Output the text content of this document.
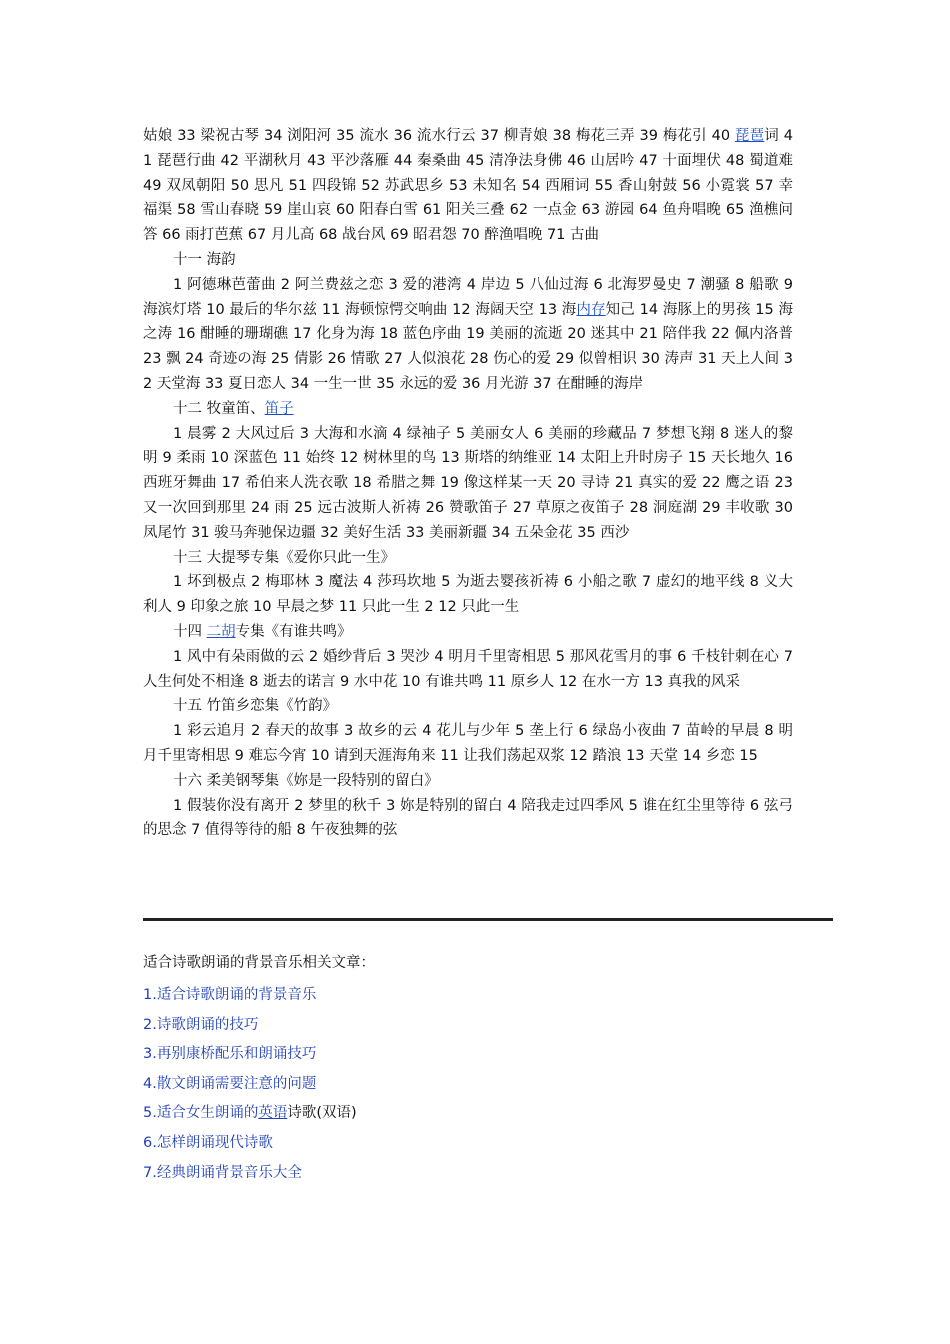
姑娘 33 梁祝古琴 34 浏阳河 35 流水 36 流水行云 37 柳青娘 38 梅花三弄 39 梅花引 40 琵琶词 41 琵琶行曲 42 平湖秋月 43 平沙落雁 44 秦桑曲 45 清净法身佛 46 山居吟 47 十面埋伏 48 蜀道难 49 双凤朝阳 50 思凡 51 四段锦 52 苏武思乡 53 未知名 54 西厢词 55 香山射鼓 56 小霓裳 57 幸福渠 58 雪山春晓 59 崖山哀 60 阳春白雪 61 阳关三叠 62 一点金 63 游园 64 鱼舟唱晚 65 渔樵问答 66 雨打芭蕉 67 月儿高 68 战台风 69 昭君怨 70 醉渔唱晚 71 古曲

十一 海韵

1 阿德琳芭蕾曲 2 阿兰费兹之恋 3 爱的港湾 4 岸边 5 八仙过海 6 北海罗曼史 7 潮骚 8 船歌 9 海滨灯塔 10 最后的华尔兹 11 海顿惊愕交响曲 12 海阔天空 13 海内存知己 14 海豚上的男孩 15 海之涛 16 酣睡的珊瑚礁 17 化身为海 18 蓝色序曲 19 美丽的流逝 20 迷其中 21 陪伴我 22 佩内洛普 23 飘 24 奇迹の海 25 倩影 26 情歌 27 人似浪花 28 伤心的爱 29 似曾相识 30 涛声 31 天上人间 32 天堂海 33 夏日恋人 34 一生一世 35 永远的爱 36 月光游 37 在酣睡的海岸

十二 牧童笛、笛子

1 晨雾 2 大风过后 3 大海和水滴 4 绿袖子 5 美丽女人 6 美丽的珍藏品 7 梦想飞翔 8 迷人的黎明 9 柔雨 10 深蓝色 11 始终 12 树林里的鸟 13 斯塔的纳维亚 14 太阳上升时房子 15 天长地久 16 西班牙舞曲 17 希伯来人洗衣歌 18 希腊之舞 19 像这样某一天 20 寻诗 21 真实的爱 22 鹰之语 23 又一次回到那里 24 雨 25 远古波斯人祈祷 26 赞歌笛子 27 草原之夜笛子 28 洞庭湖 29 丰收歌 30 凤尾竹 31 骏马奔驰保边疆 32 美好生活 33 美丽新疆 34 五朵金花 35 西沙

十三 大提琴专集《爱你只此一生》

1 坏到极点 2 梅耶林 3 魔法 4 莎玛坎地 5 为逝去婴孩祈祷 6 小船之歌 7 虚幻的地平线 8 义大利人 9 印象之旅 10 早晨之梦 11 只此一生 2 12 只此一生

十四 二胡专集《有谁共鸣》

1 风中有朵雨做的云 2 婚纱背后 3 哭沙 4 明月千里寄相思 5 那风花雪月的事 6 千枝针刺在心 7 人生何处不相逢 8 逝去的诺言 9 水中花 10 有谁共鸣 11 原乡人 12 在水一方 13 真我的风采

十五 竹笛乡恋集《竹韵》

1 彩云追月 2 春天的故事 3 故乡的云 4 花儿与少年 5 垄上行 6 绿岛小夜曲 7 苗岭的早晨 8 明月千里寄相思 9 难忘今宵 10 请到天涯海角来 11 让我们荡起双浆 12 踏浪 13 天堂 14 乡恋 15

十六 柔美钢琴集《妳是一段特别的留白》

1 假装你没有离开 2 梦里的秋千 3 妳是特别的留白 4 陪我走过四季风 5 谁在红尘里等待 6 弦弓的思念 7 值得等待的船 8 午夜独舞的弦

适合诗歌朗诵的背景音乐相关文章：

1.适合诗歌朗诵的背景音乐
2.诗歌朗诵的技巧
3.再别康桥配乐和朗诵技巧
4.散文朗诵需要注意的问题
5.适合女生朗诵的英语诗歌(双语)
6.怎样朗诵现代诗歌
7.经典朗诵背景音乐大全
